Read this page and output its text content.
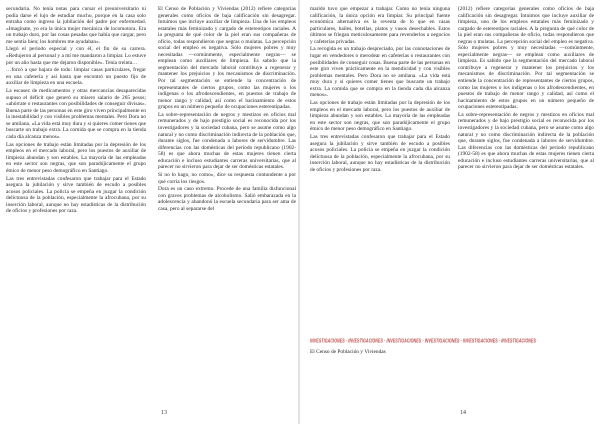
secundaria. No tenía notas para cursar el preuniversitario ni podía darse el lujo de estudiar mucho, porque en la casa solo entraba como ingreso la jubilación del padre por enfermedad. «Imagínate, yo era la única mujer mecánica de locomotora. Era un trabajo duro, por las cosas pesadas que había que cargar, pero me sentía bien; los hombres me ayudaban».

Llegó el periodo especial y con él, el fin de su carrera. «Redujeron al personal y a mí me mandaron a limpiar. Lo estuve por un año hasta que me dejaron disponible». Tenía treinta…

…forzó a que bajara de todo: limpiar casas particulares, fregar en una cafetería y así hasta que encontró un puesto fijo de auxiliar de limpieza en una escuela.

La escasez de medicamentos y otras mercancías desaparecidas supuso el déficit que generó su mísero salario de 265 pesos; «ahórrate o restaurantes con posibilidades de conseguir divisas». Buena parte de las personas en este giro viven principalmente en la inestabilidad y con visibles problemas mentales. Pero Dora no se amilana. «La vida está muy dura y si quieres comer tienes que buscarte un trabajo extra. La comida que se compra en la tienda cada día alcanza menos».

Las opciones de trabajo están limitadas por la depresión de los empleos en el mercado laboral, pero los puestos de auxiliar de limpieza abundan y son estables. La mayoría de las empleadas en este sector son negras, que son paradójicamente el grupo étnico de menor peso demográfico en Santiago.

Las tres entrevistadas confesaron que trabajar para el Estado asegura la jubilación y sirve también de escudo a posibles acosos policiales. La policía se empeña en juzgar la condición delictuosa de la población, especialmente la afrocubana, por su inserción laboral, aunque no hay estadísticas de la distribución de oficios y profesiones por raza.

El Censo de Población y Viviendas (2012) refiere categorías generales como oficios de baja calificación sin desagregar. Intuimos que incluye auxiliar de limpieza. Una de los empleos estatales más feminizado y cargado de estereotipos raciales. A la pregunta de qué color de la piel eran sus compañeras de oficio, todas respondieron que negras o mulatas. La percepción social del empleo es negativa. Sólo mujeres pobres y muy necesitadas —comúnmente, especialmente negras— se emplean como auxiliares de limpieza. Es sabido que la segmentación del mercado laboral contribuye a regenerar y mantener los prejuicios y los mecanismos de discriminación. Por tal segmentación se entiende la concentración de representantes de ciertos grupos, como las mujeres o los indígenas o los afrodescendientes, en puestos de trabajo de menor rango y calidad, así como el hacinamiento de estos grupos en un número pequeño de ocupaciones estereotipadas.

La sobre-representación de negros y mestizos en oficios mal remunerados y de bajo prestigio social es reconocida por los investigadores y la sociedad cubana, pero se asume como algo natural y no como discriminación indirecta de la población que, durante siglos, fue condenada a labores de servidumbre. Las diferencias con las domésticas del período republicano (1902-58) es que ahora muchas de estas mujeres tienen cierta educación e incluso estudiantes carreras universitarias, que al parecer no sirvieron para dejar de ser domésticas estatales.

Si no lo hago, no como», dice su respuesta contundente a por qué corría los riesgos.

Dora es un caso extremo. Procede de una familia disfuncional con graves problemas de alcoholismo. Salió embarazada en la adolescencia y abandonó la escuela secundaria para ser ama de casa, pero al separarse del

13

marido tuvo que empezar a trabajar. Como no tenía ninguna calificación, la única opción era limpiar. Su principal fuente económica alternativa es la reventa de lo que en casas particulares, bailes, botellas, platos y vasos desechables. Estos últimos se fríegan meticulosamente para revenderlos a negocios y cafeterías privadas.

La recogida es un trabajo despreciado, por las connotaciones de lugar en vendedores o merodear en cafeterías o restaurantes con posibilidades de conseguir cosas. Buena parte de las personas en este giro viven prácticamente en la mendicidad y con visibles problemas mentales. Pero Dora no se amilana. «La vida está muy dura y si quieres comer tienes que buscarte un trabajo extra. La comida que se compra en la tienda cada día alcanza menos».

Las opciones de trabajo están limitadas por la depresión de los empleos en el mercado laboral, pero los puestos de auxiliar de limpieza abundan y son estables. La mayoría de las empleadas en este sector son negras, que son paradójicamente el grupo étnico de menor peso demográfico en Santiago.

Las tres entrevistadas confesaron que trabajar para el Estado asegura la jubilación y sirve también de escudo a posibles acosos policiales. La policía se empeña en juzgar la condición delictuosa de la población, especialmente la afrocubana, por su inserción laboral, aunque no hay estadísticas de la distribución de oficios y profesiones por raza.

INVESTIGACIONES · INVESTIGACIONES · INVESTIGACIONES · INVESTIGACIONES · INVESTIGACIONES · INVESTIGACIONES

El Censo de Población y Viviendas

(2012) refiere categorías generales como oficios de baja calificación sin desagregar. Intuimos que incluye auxiliar de limpieza, uno de los empleos estatales más feminizado y cargado de estereotipos raciales. A la pregunta de qué color de la piel eran sus compañeras de oficio, todas respondieron que negras o mulatas. La percepción social del empleo es negativa. Sólo mujeres pobres y muy necesitadas —comúnmente, especialmente negras— se emplean como auxiliares de limpieza. Es sabido que la segmentación del mercado laboral contribuye a regenerar y mantener los prejuicios y los mecanismos de discriminación. Por tal segmentación se entiende la concentración de representantes de ciertos grupos, como las mujeres o los indígenas o los afrodescendientes, en puestos de trabajo de menor rango y calidad, así como el hacinamiento de estos grupos en un número pequeño de ocupaciones estereotipadas.

La sobre-representación de negros y mestizos en oficios mal remunerados y de bajo prestigio social es reconocida por los investigadores y la sociedad cubana, pero se asume como algo natural y no como discriminación indirecta de la población que, durante siglos, fue condenada a labores de servidumbre. Las diferencias con las domésticas del período republicano (1902-58) es que ahora muchas de estas mujeres tienen cierta educación e incluso estudiantes carreras universitarias, que al parecer no sirvieron para dejar de ser domésticas estatales.

14
